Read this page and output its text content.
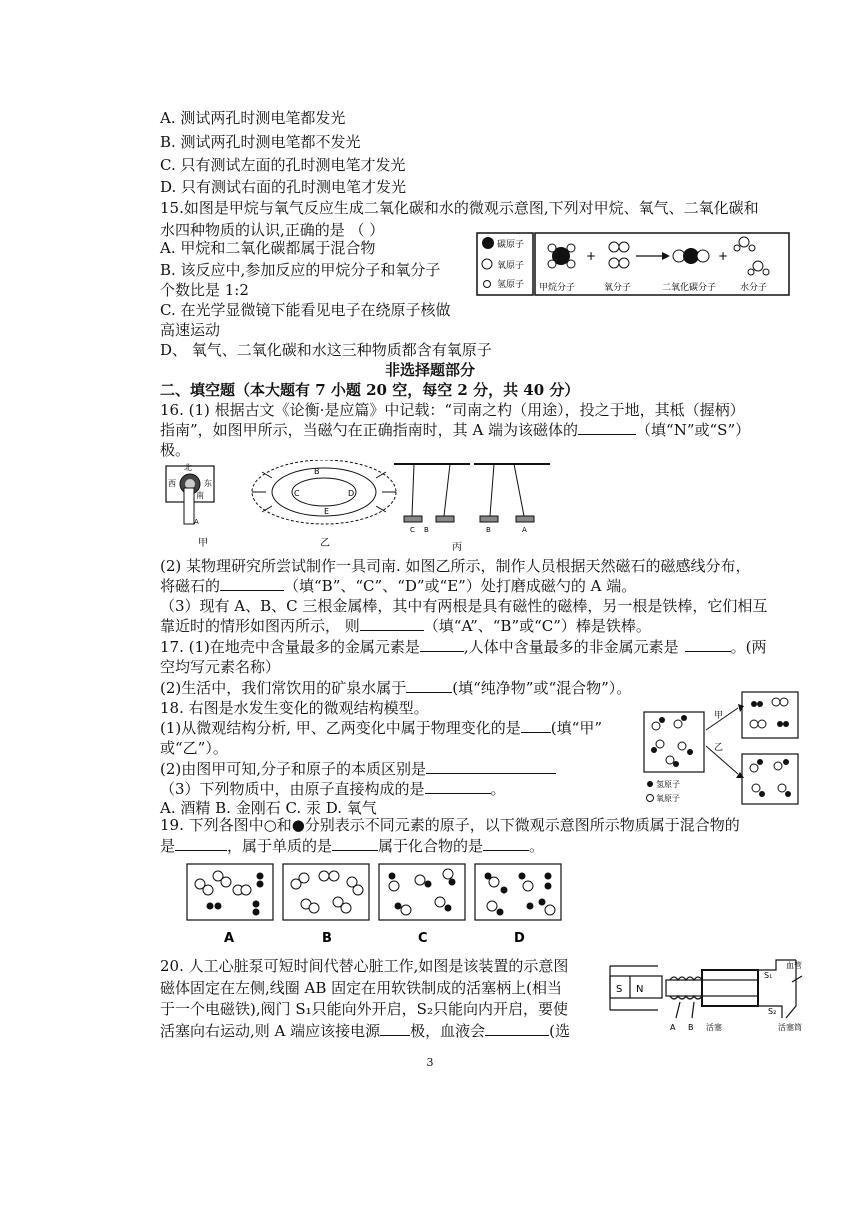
A. 测试两孔时测电笔都发光
B. 测试两孔时测电笔都不发光
C. 只有测试左面的孔时测电笔才发光
D. 只有测试右面的孔时测电笔才发光
15.如图是甲烷与氧气反应生成二氧化碳和水的微观示意图,下列对甲烷、氧气、二氧化碳和
水四种物质的认识,正确的是 （ ）
A. 甲烷和二氧化碳都属于混合物
B. 该反应中,参加反应的甲烷分子和氧分子
个数比是 1:2
C. 在光学显微镜下能看见电子在绕原子核做
高速运动
D、 氧气、二氧化碳和水这三种物质都含有氧原子
碳原子
氧原子
氢原子
+	+
甲烷分子	氧分子	二氧化碳分子	水分子
非选择题部分
二、填空题（本大题有 7 小题 20 空，每空 2 分，共 40 分）
16. (1) 根据古文《论衡·是应篇》中记载：“司南之杓（用途），投之于地，其柢（握柄）
指南”，如图甲所示，当磁勺在正确指南时，其 A 端为该磁体的	（填“N”或“S”）
极。
北
西	东
南
A
甲
C
B
D
E
乙
C B	B	A
丙
(2) 某物理研究所尝试制作一具司南. 如图乙所示，制作人员根据天然磁石的磁感线分布，
将磁石的	（填“B”、“C”、“D”或“E”）处打磨成磁勺的 A 端。
（3）现有 A、B、C 三根金属棒，其中有两根是具有磁性的磁棒，另一根是铁棒，它们相互
靠近时的情形如图丙所示， 则	（填“A”、“B”或“C”）棒是铁棒。
17. (1)在地壳中含量最多的金属元素是	,人体中含量最多的非金属元素是	。(两
空均写元素名称）
(2)生活中，我们常饮用的矿泉水属于	(填“纯净物”或“混合物”）。
18. 右图是水发生变化的微观结构模型。
(1)从微观结构分析, 甲、乙两变化中属于物理变化的是 (填“甲”
或“乙”）。
(2)由图甲可知,分子和原子的本质区别是
（3）下列物质中，由原子直接构成的是	。
A. 酒精 B. 金刚石 C. 汞 D. 氧气
甲
乙
氢原子
氧原子
19. 下列各图中○和●分别表示不同元素的原子，以下微观示意图所示物质属于混合物的
是	，属于单质的是	属于化合物的是	。
A	B	C	D
20. 人工心脏泵可短时间代替心脏工作,如图是该装置的示意图
磁体固定在左侧,线圈 AB 固定在用软铁制成的活塞柄上(相当
于一个电磁铁),阀门 S₁只能向外开启，S₂只能向内开启，要使
活塞向右运动,则 A 端应该接电源 极，血液会	(选
S N
血管
S₁
S₂
A B 活塞	活塞筒
3
